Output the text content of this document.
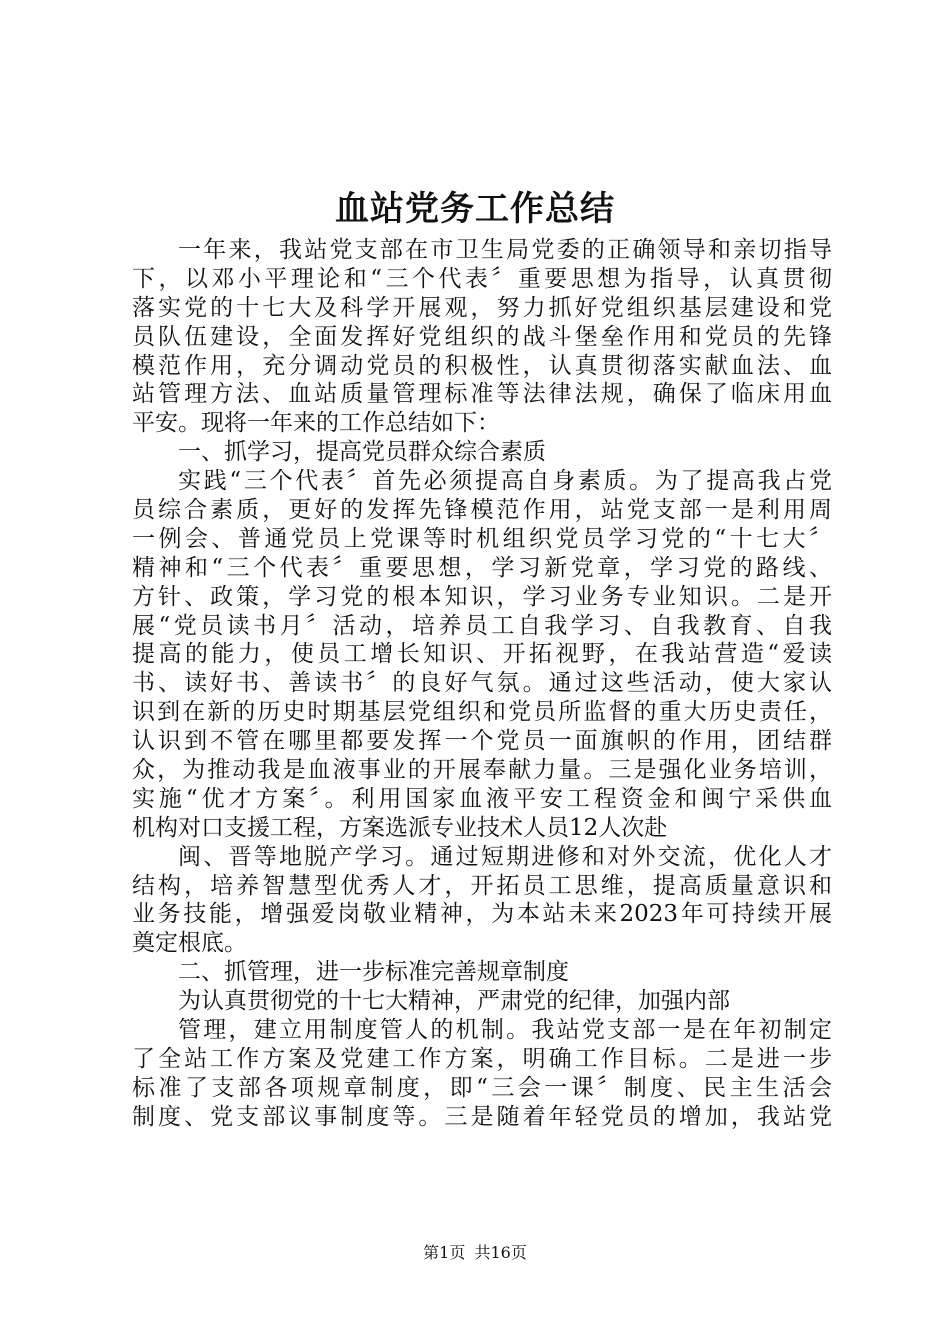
血站党务工作总结
一年来，我站党支部在市卫生局党委的正确领导和亲切指导
下，以邓小平理论和“三个代表〞重要思想为指导，认真贯彻
落实党的十七大及科学开展观，努力抓好党组织基层建设和党
员队伍建设，全面发挥好党组织的战斗堡垒作用和党员的先锋
模范作用，充分调动党员的积极性，认真贯彻落实献血法、血
站管理方法、血站质量管理标准等法律法规，确保了临床用血
平安。现将一年来的工作总结如下：
一、抓学习，提高党员群众综合素质
实践“三个代表〞首先必须提高自身素质。为了提高我占党
员综合素质，更好的发挥先锋模范作用，站党支部一是利用周
一例会、普通党员上党课等时机组织党员学习党的“十七大〞
精神和“三个代表〞重要思想，学习新党章，学习党的路线、
方针、政策，学习党的根本知识，学习业务专业知识。二是开
展“党员读书月〞活动，培养员工自我学习、自我教育、自我
提高的能力，使员工增长知识、开拓视野，在我站营造“爱读
书、读好书、善读书〞的良好气氛。通过这些活动，使大家认
识到在新的历史时期基层党组织和党员所监督的重大历史责任，
认识到不管在哪里都要发挥一个党员一面旗帜的作用，团结群
众，为推动我是血液事业的开展奉献力量。三是强化业务培训，
实施“优才方案〞。利用国家血液平安工程资金和闽宁采供血
机构对口支援工程，方案选派专业技术人员12人次赴
闽、晋等地脱产学习。通过短期进修和对外交流，优化人才
结构，培养智慧型优秀人才，开拓员工思维，提高质量意识和
业务技能，增强爱岗敬业精神，为本站未来2023年可持续开展
奠定根底。
二、抓管理，进一步标准完善规章制度
为认真贯彻党的十七大精神，严肃党的纪律，加强内部
管理，建立用制度管人的机制。我站党支部一是在年初制定
了全站工作方案及党建工作方案，明确工作目标。二是进一步
标准了支部各项规章制度，即“三会一课〞制度、民主生活会
制度、党支部议事制度等。三是随着年轻党员的增加，我站党
第1页 共16页
